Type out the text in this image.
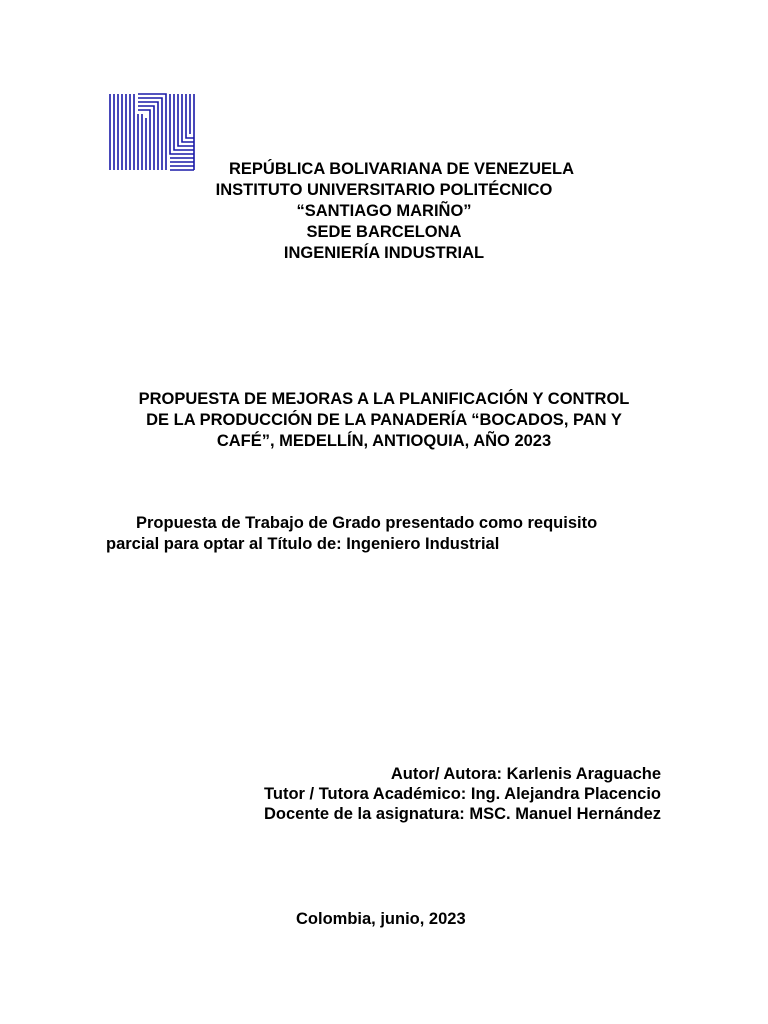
REPÚBLICA BOLIVARIANA DE VENEZUELA
INSTITUTO UNIVERSITARIO POLITÉCNICO
“SANTIAGO MARIÑO”
SEDE BARCELONA
INGENIERÍA INDUSTRIAL
PROPUESTA DE MEJORAS A LA PLANIFICACIÓN Y CONTROL
DE LA PRODUCCIÓN DE LA PANADERÍA “BOCADOS, PAN Y
CAFÉ”, MEDELLÍN, ANTIOQUIA, AÑO 2023
Propuesta de Trabajo de Grado presentado como requisito
parcial para optar al Título de: Ingeniero Industrial
Autor/ Autora: Karlenis Araguache
Tutor / Tutora Académico: Ing. Alejandra Placencio
Docente de la asignatura: MSC. Manuel Hernández
Colombia, junio, 2023
